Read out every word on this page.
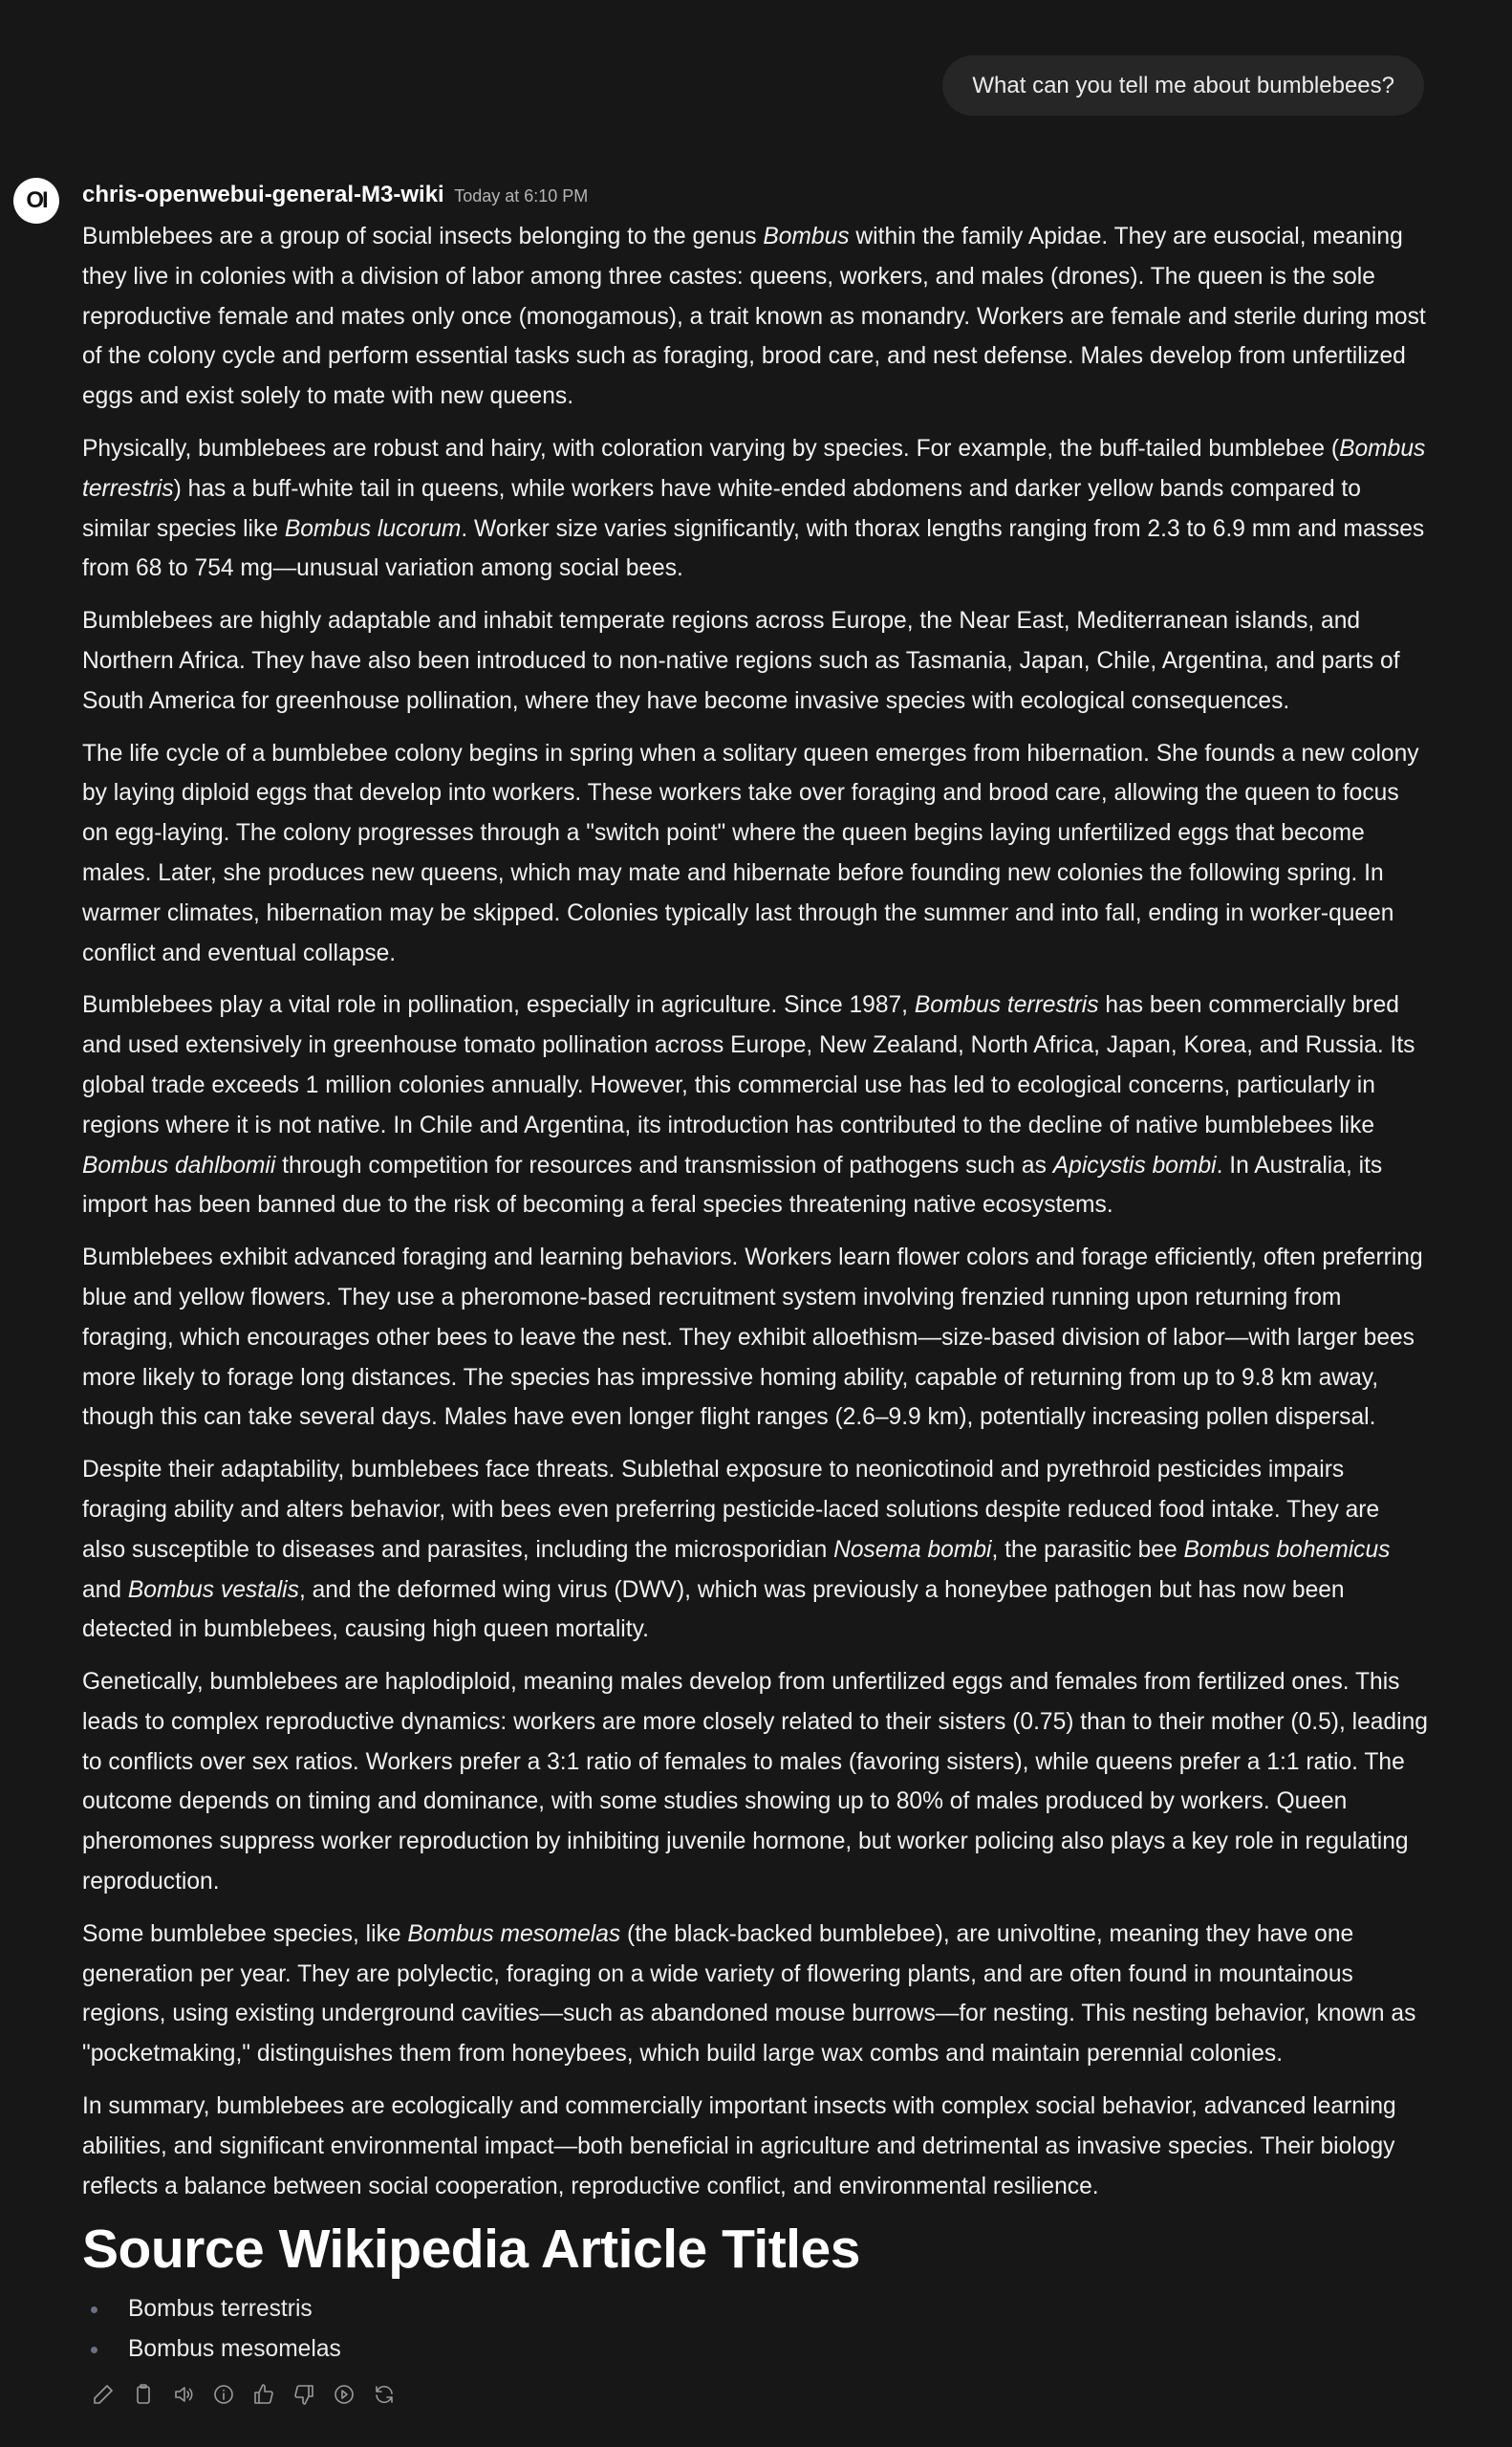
What can you tell me about bumblebees?
OI	chris-openwebui-general-M3-wiki Today at 6:10 PM

Bumblebees are a group of social insects belonging to the genus Bombus within the family Apidae. They are eusocial, meaning they live in colonies with a division of labor among three castes: queens, workers, and males (drones). The queen is the sole reproductive female and mates only once (monogamous), a trait known as monandry. Workers are female and sterile during most of the colony cycle and perform essential tasks such as foraging, brood care, and nest defense. Males develop from unfertilized eggs and exist solely to mate with new queens.

Physically, bumblebees are robust and hairy, with coloration varying by species. For example, the buff-tailed bumblebee (Bombus terrestris) has a buff-white tail in queens, while workers have white-ended abdomens and darker yellow bands compared to similar species like Bombus lucorum. Worker size varies significantly, with thorax lengths ranging from 2.3 to 6.9 mm and masses from 68 to 754 mg—unusual variation among social bees.

Bumblebees are highly adaptable and inhabit temperate regions across Europe, the Near East, Mediterranean islands, and Northern Africa. They have also been introduced to non-native regions such as Tasmania, Japan, Chile, Argentina, and parts of South America for greenhouse pollination, where they have become invasive species with ecological consequences.

The life cycle of a bumblebee colony begins in spring when a solitary queen emerges from hibernation. She founds a new colony by laying diploid eggs that develop into workers. These workers take over foraging and brood care, allowing the queen to focus on egg-laying. The colony progresses through a "switch point" where the queen begins laying unfertilized eggs that become males. Later, she produces new queens, which may mate and hibernate before founding new colonies the following spring. In warmer climates, hibernation may be skipped. Colonies typically last through the summer and into fall, ending in worker-queen conflict and eventual collapse.

Bumblebees play a vital role in pollination, especially in agriculture. Since 1987, Bombus terrestris has been commercially bred and used extensively in greenhouse tomato pollination across Europe, New Zealand, North Africa, Japan, Korea, and Russia. Its global trade exceeds 1 million colonies annually. However, this commercial use has led to ecological concerns, particularly in regions where it is not native. In Chile and Argentina, its introduction has contributed to the decline of native bumblebees like Bombus dahlbomii through competition for resources and transmission of pathogens such as Apicystis bombi. In Australia, its import has been banned due to the risk of becoming a feral species threatening native ecosystems.

Bumblebees exhibit advanced foraging and learning behaviors. Workers learn flower colors and forage efficiently, often preferring blue and yellow flowers. They use a pheromone-based recruitment system involving frenzied running upon returning from foraging, which encourages other bees to leave the nest. They exhibit alloethism—size-based division of labor—with larger bees more likely to forage long distances. The species has impressive homing ability, capable of returning from up to 9.8 km away, though this can take several days. Males have even longer flight ranges (2.6–9.9 km), potentially increasing pollen dispersal.

Despite their adaptability, bumblebees face threats. Sublethal exposure to neonicotinoid and pyrethroid pesticides impairs foraging ability and alters behavior, with bees even preferring pesticide-laced solutions despite reduced food intake. They are also susceptible to diseases and parasites, including the microsporidian Nosema bombi, the parasitic bee Bombus bohemicus and Bombus vestalis, and the deformed wing virus (DWV), which was previously a honeybee pathogen but has now been detected in bumblebees, causing high queen mortality.

Genetically, bumblebees are haplodiploid, meaning males develop from unfertilized eggs and females from fertilized ones. This leads to complex reproductive dynamics: workers are more closely related to their sisters (0.75) than to their mother (0.5), leading to conflicts over sex ratios. Workers prefer a 3:1 ratio of females to males (favoring sisters), while queens prefer a 1:1 ratio. The outcome depends on timing and dominance, with some studies showing up to 80% of males produced by workers. Queen pheromones suppress worker reproduction by inhibiting juvenile hormone, but worker policing also plays a key role in regulating reproduction.

Some bumblebee species, like Bombus mesomelas (the black-backed bumblebee), are univoltine, meaning they have one generation per year. They are polylectic, foraging on a wide variety of flowering plants, and are often found in mountainous regions, using existing underground cavities—such as abandoned mouse burrows—for nesting. This nesting behavior, known as "pocketmaking," distinguishes them from honeybees, which build large wax combs and maintain perennial colonies.

In summary, bumblebees are ecologically and commercially important insects with complex social behavior, advanced learning abilities, and significant environmental impact—both beneficial in agriculture and detrimental as invasive species. Their biology reflects a balance between social cooperation, reproductive conflict, and environmental resilience.

Source Wikipedia Article Titles
Bombus terrestris
Bombus mesomelas
